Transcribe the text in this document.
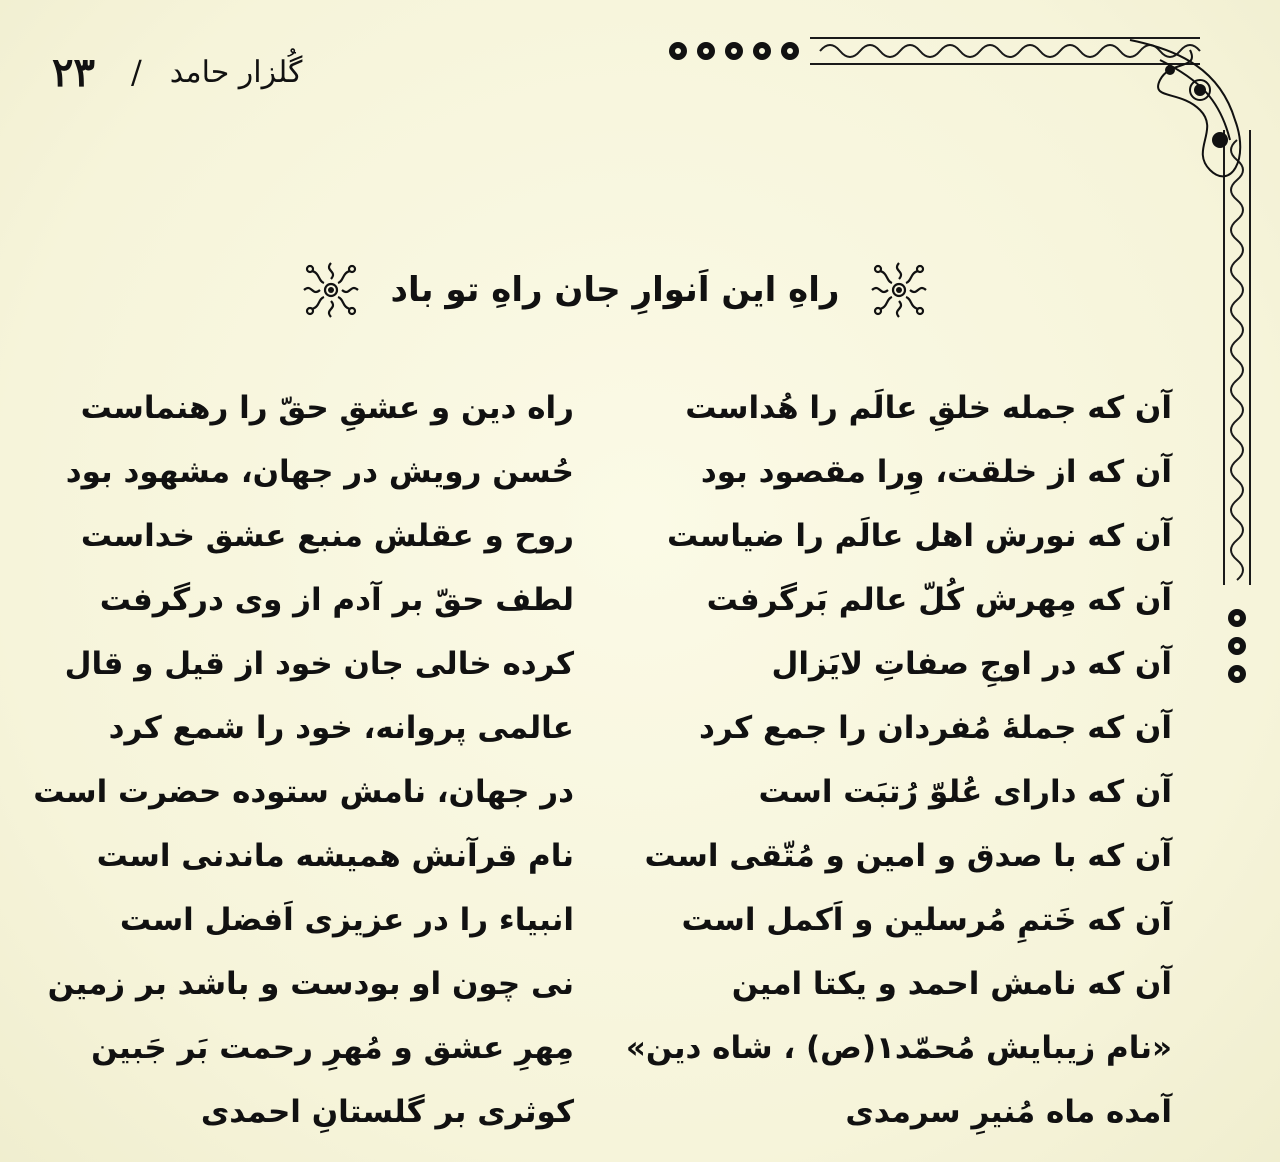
۲۳ / گُلزار حامد
راهِ این اَنوارِ جان راهِ تو باد
آن که جمله خلقِ عالَم را هُداست
راه دین و عشقِ حقّ را رهنماست
آن که از خلقت، وِرا مقصود بود
حُسن رویش در جهان، مشهود بود
آن که نورش اهل عالَم را ضیاست
روح و عقلش منبع عشق خداست
آن که مِهرش کُلّ عالم بَرگرفت
لطف حقّ بر آدم از وی درگرفت
آن که در اوجِ صفاتِ لایَزال
کرده خالی جان خود از قیل و قال
آن که جملهٔ مُفردان را جمع کرد
عالمی پروانه، خود را شمع کرد
آن که دارای عُلوّ رُتبَت است
در جهان، نامش ستوده حضرت است
آن که با صدق و امین و مُتّقی است
نام قرآنش همیشه ماندنی است
آن که خَتمِ مُرسلین و اَکمل است
انبیاء را در عزیزی اَفضل است
آن که نامش احمد و یکتا امین
نی چون او بودست و باشد بر زمین
«نام زیبایش مُحمّد۱(ص) ، شاه دین»
مِهرِ عشق و مُهرِ رحمت بَر جَبین
آمده ماه مُنیرِ سرمدی
کوثری بر گلستانِ احمدی
